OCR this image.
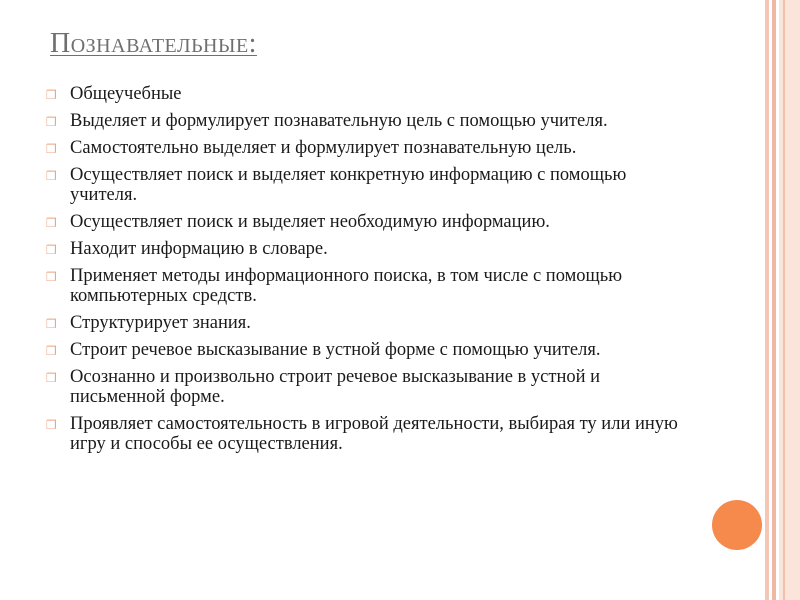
Познавательные:
❒ Общеучебные
❒ Выделяет и формулирует познавательную цель с помощью учителя.
❒ Самостоятельно выделяет и формулирует познавательную цель.
❒ Осуществляет поиск и выделяет конкретную информацию с помощью учителя.
❒ Осуществляет поиск и выделяет необходимую информацию.
❒ Находит информацию в словаре.
❒ Применяет методы информационного поиска, в том числе с помощью компьютерных средств.
❒ Структурирует знания.
❒ Строит речевое высказывание в устной форме с помощью учителя.
❒ Осознанно и произвольно строит речевое высказывание в устной и письменной форме.
❒ Проявляет самостоятельность в игровой деятельности, выбирая ту или иную игру и способы ее осуществления.
